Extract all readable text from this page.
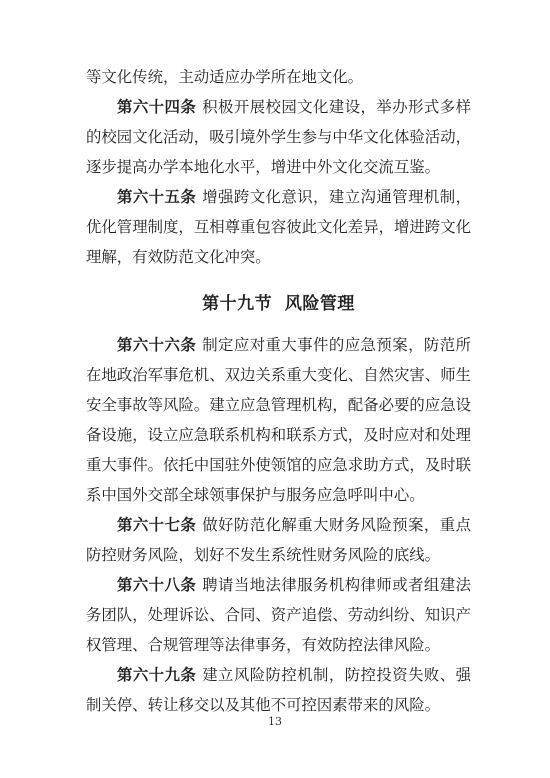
等文化传统，主动适应办学所在地文化。

第六十四条 积极开展校园文化建设，举办形式多样的校园文化活动，吸引境外学生参与中华文化体验活动，逐步提高办学本地化水平，增进中外文化交流互鉴。

第六十五条 增强跨文化意识，建立沟通管理机制，优化管理制度，互相尊重包容彼此文化差异，增进跨文化理解，有效防范文化冲突。

第十九节  风险管理

第六十六条 制定应对重大事件的应急预案，防范所在地政治军事危机、双边关系重大变化、自然灾害、师生安全事故等风险。建立应急管理机构，配备必要的应急设备设施，设立应急联系机构和联系方式，及时应对和处理重大事件。依托中国驻外使领馆的应急求助方式，及时联系中国外交部全球领事保护与服务应急呼叫中心。

第六十七条 做好防范化解重大财务风险预案，重点防控财务风险，划好不发生系统性财务风险的底线。

第六十八条 聘请当地法律服务机构律师或者组建法务团队，处理诉讼、合同、资产追偿、劳动纠纷、知识产权管理、合规管理等法律事务，有效防控法律风险。

第六十九条 建立风险防控机制，防控投资失败、强制关停、转让移交以及其他不可控因素带来的风险。

13
